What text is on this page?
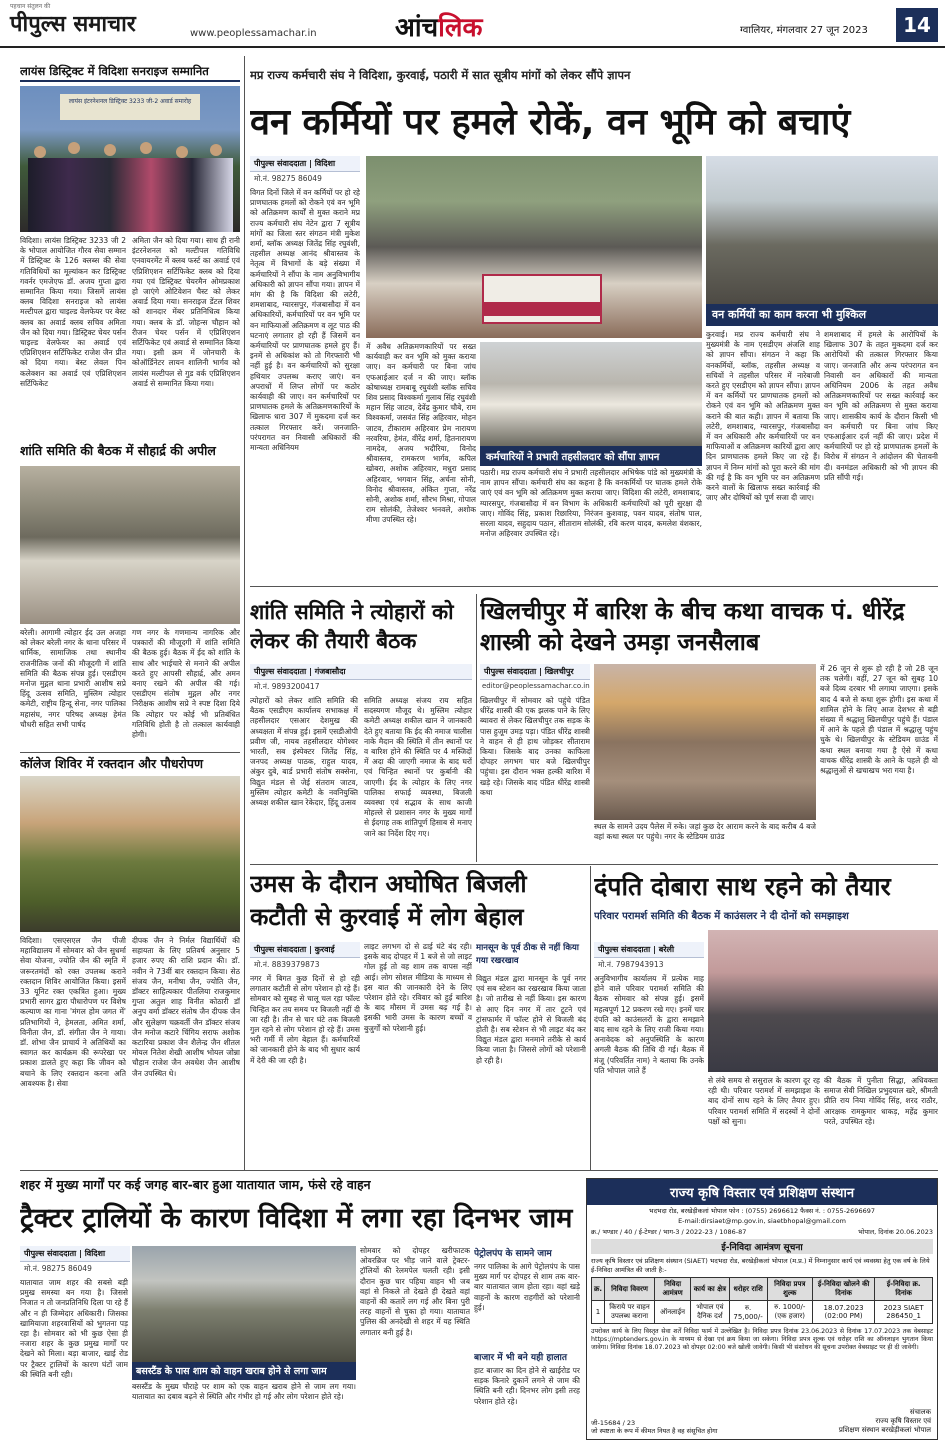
पहचान संतुलन की
पीपुल्स समाचार	www.peoplessamachar.in	आंचलिक	ग्वालियर, मंगलवार 27 जून 2023	14
लायंस डिस्ट्रिक्ट में विदिशा सनराइज सम्मानित
लायंस इंटरनेशनल डिस्ट्रिक्ट 3233 जी-2 अवार्ड समारोह
विदिशा। लायंस डिस्ट्रिक्ट 3233 जी 2 के भोपाल आयोजित गौरव सेवा सम्मान में डिस्ट्रिक्ट के 126 क्लब्स की सेवा गतिविधियों का मूल्यांकन कर डिस्ट्रिक्ट गवर्नर एमजेएफ डॉ. अजय गुप्ता द्वारा सम्मानित किया गया। जिसमें लायंस क्लब विदिशा सनराइज को लायंस मल्टीपल द्वारा चाइल्ड वेलफेयर पर बेस्ट क्लब का अवार्ड क्लब सचिव अमिता जैन को दिया गया। डिस्ट्रिक्ट चेयर पर्सन चाइल्ड वेलफेयर का अवार्ड एवं एप्रिशिएशन सर्टिफिकेट राजेश जैन प्रीत को दिया गया। बेस्ट लेवल पिन कलेक्शन का अवार्ड एवं एप्रिशिएशन सर्टिफिकेट
अमिता जैन को दिया गया। साथ ही रानी इंटरनेशनल को मल्टीपल गतिविधि एनवायरमेंट में क्लब फर्स्ट का अवार्ड एवं एप्रिशिएशन सर्टिफिकेट क्लब को दिया गया एवं डिस्ट्रिक्ट चेयरमैन ओमप्रकाश हो जाएंगे ओटिवेशन चैस्ट को लेकर अवार्ड दिया गया। सनराइज डेंटल शिवर को शानदार मेंबर प्रतिनिधित्व किया गया। क्लब के डॉ. जोहन्स चौहान को रीजन चेयर पर्सन में एप्रिशिएशन सर्टिफिकेट एवं अवार्ड से सम्मानित किया गया। इसी क्रम में जोनचारी के कोऑर्डिनेटर लायन शालिनी भार्गव को लायंस मल्टीपल से गुड वर्क एप्रिशिएशन अवार्ड से सम्मानित किया गया।
शांति समिति की बैठक में सौहार्द्र की अपील
बरेली। आगामी त्योहार ईद उल अजहा को लेकर बरेली नगर के थाना परिसर में धार्मिक, सामाजिक तथा स्थानीय राजनीतिक जनों की मौजूदगी में शांति समिति की बैठक संपन्न हुई। एसडीएम मनोज मुद्गल थाना प्रभारी आशीष सप्रे हिंदू उत्सव समिति, मुस्लिम त्योहार कमेटी, राष्ट्रीय हिन्दू सेना, नगर पालिका महासंघ, नगर परिषद अध्यक्ष हेमंत चौधरी सहित सभी पार्षद
गण नगर के गणमान्य नागरिक और पत्रकारों की मौजूदगी में शांति समिति की बैठक हुई। बैठक में ईद को शांति के साथ और भाईचारे से मनाने की अपील करते हुए आपसी सौहार्द्र, और अमन बनाए रखने की अपील की गई। एसडीएम संतोष मुद्गल और नगर निरीक्षक आशीष सप्रे ने स्पष्ट दिशा दिये कि त्योहार पर कोई भी प्रतिबंधित गतिविधि होती है तो तत्काल कार्यवाही होगी।
कॉलेज शिविर में रक्तदान और पौधरोपण
विदिशा। एसएसएल जैन पीजी महाविद्यालय में सोमवार को जैन सुधर्मा सेवा योजना, ज्योति जैन की स्मृति में जरूरतमंदों को रक्त उपलब्ध कराने रक्तदान शिविर आयोजित किया। इसमें 33 यूनिट रक्त एकत्रित हुआ। मुख्य प्रभारी सागर द्वारा पौधारोपण पर विशेष कल्याण का गाना 'मंगल होम जगत में' प्रतिभागियों ने, हेमलता, अमित शर्मा, विनीता जैन, डॉ. संगीता जैन ने गाया। डॉ. शोभा जैन प्राचार्य ने अतिथियों का स्वागत कर कार्यक्रम की रूपरेखा पर प्रकाश डालते हुए कहा कि जीवन को बचाने के लिए रक्तदान करना अति आवश्यक है। सेवा
दीपक जैन ने निर्मल विद्यार्थियों की सहायता के लिए प्रतिवर्ष अनुसार 5 हजार रुपए की राशि प्रदान की। डॉ. नवीन ने 73वीं बार रक्तदान किया। सेठ संजय जैन, मनीषा जैन, ज्योति जैन, डॉक्टर साहित्यकार पीतलिया राजकुमार गुप्ता अतुल शाह विनीत कोठारी डॉ अनुप वर्मा डॉक्टर संतोष जैन दीपक जैन और सुलेक्षण चक्रवर्ती जैन डॉक्टर संजय जैन मनोज कटारे चिंगिय सराफ अशोक कटारिया प्रकाश जैन शैलेन्द्र जैन शीतल मोयल नितेश शेखी आशीष भोयल जोन्ना चौहान राजेश जैन अवधेश जैन आशीष जैन उपस्थित थे।
मप्र राज्य कर्मचारी संघ ने विदिशा, कुरवाई, पठारी में सात सूत्रीय मांगों को लेकर सौंपे ज्ञापन
वन कर्मियों पर हमले रोकें, वन भूमि को बचाएं
पीपुल्स संवाददाता | विदिशा
मो.नं. 98275 86049
विगत दिनों जिले में वन कर्मियों पर हो रहे प्राणघातक हमलों को रोकने एवं वन भूमि को अतिक्रमण कार्यों से मुक्त कराने मप्र राज्य कर्मचारी संघ नेटेन द्वारा 7 सूत्रीय मांगों का जिला स्तर संगठन मंत्री मुकेश शर्मा, ब्लॉक अध्यक्ष जितेंद्र सिंह रघुवंशी, तहसील अध्यक्ष आनंद श्रीवास्तव के नेतृत्व में विभागों के बड़े संख्या में कर्मचारियों ने सौंपा के नाम अनुविभागीय अधिकारी को ज्ञापन सौंपा गया। ज्ञापन में मांग की है कि विदिशा की लटेरी, शमशाबाद, ग्यारसपुर, गंजबासौदा में वन अधिकारियों, कर्मचारियों पर वन भूमि पर वन माफियाओं अतिक्रमण व लूट पाठ की घटनाएं लगातार हो रही हैं जिसमें वन कर्मचारियों पर प्राणघातक हमले हुए हैं। इनमें से अधिकांश को तो गिरफ्तारी भी नहीं हुई है। वन कर्मचारियों को सुरक्षा हथियार उपलब्ध कराए जाएं। वन अपराधों में लिप्त लोगों पर कठोर कार्यवाही की जाए। वन कर्मचारियों पर प्राणघातक हमले के अतिक्रमणकारियों के खिलाफ धारा 307 में मुकदमा दर्ज कर तत्काल गिरफ्तार करें। जनजाति-परंपरागत वन निवासी अधिकारों की मान्यता अधिनियम
वन कर्मियों का काम करना भी मुश्किल
में अवैध अतिक्रमणकारियों पर सख्त कार्यवाही कर वन भूमि को मुक्त कराया जाए। वन कर्मचारी पर बिना जांच एफआईआर दर्ज न की जाए। ब्लॉक कोषाध्यक्ष रामबाबू रघुवंशी ब्लॉक सचिव शिव प्रसाद विश्वकर्मा गुलाब सिंह रघुवंशी महान सिंह जाटव, देवेंद्र कुमार चौबे, राम विश्वकर्मा, जसवंत सिंह अहिरवार, मोहन जाटव, टीकाराम अहिरवार प्रेम नारायण नरवरिया, हेमंत, वीरेंद्र शर्मा, हितनारायण नामदेव, अजय भदौरिया, विनोद श्रीवास्तव, रामकरण भार्गव, कपिल खोबरा, अशोक अहिरवार, मधुरा प्रसाद अहिरवार, भगवान सिंह, अर्चना सोनी, विनोद श्रीवास्तव, अंकित गुप्ता, नरेंद्र सोनी, अशोक शर्मा, सौरभ मिश्रा, गोपाल राम सोलंकी, तेजेश्वर भनवले, अशोक मीणा उपस्थित रहे।
कर्मचारियों ने प्रभारी तहसीलदार को सौंपा ज्ञापन
पठारी। मप्र राज्य कर्मचारी संघ ने प्रभारी तहसीलदार अभिषेक पांडे को मुख्यमंत्री के नाम ज्ञापन सौंपा। कर्मचारी संघ का कहना है कि वनकर्मियों पर घातक हमले रोके जाएं एवं वन भूमि को अतिक्रमण मुक्त कराया जाए। विदिशा की लटेरी, शमशाबाद, ग्यारसपुर, गंजबासौदा में वन विभाग के अधिकारी कर्मचारियों को पूरी सुरक्षा दी जाए। गोविंद सिंह, प्रकाश रिछारिया, निरंजन कुशवाह, पवन यादव, संतोष पाल, सरला यादव, सहुदाय पठान, सीताराम सोलंकी, रवि करण यादव, कमलेश वंशकार, मनोज अहिरवार उपस्थित रहे।
कुरवाई। मप्र राज्य कर्मचारी संघ ने मुख्यमंत्री के नाम एसडीएम अंजलि शाह को ज्ञापन सौंपा। संगठन ने कहा कि वनकर्मियों, ब्लॉक, तहसील अध्यक्ष व सचिवों ने तहसील परिसर में नारेबाजी करते हुए एसडीएम को ज्ञापन सौंपा। ज्ञापन में वन कर्मियों पर प्राणघातक हमलों को रोकने एवं वन भूमि को अतिक्रमण मुक्त कराने की बात कही। ज्ञापन में बताया कि लटेरी, शमशाबाद, ग्यारसपुर, गंजबासौदा में वन अधिकारी और कर्मचारियों पर वन माफियाओं व अतिक्रमण कारियों द्वारा आए दिन प्राणघातक हमले किए जा रहे हैं। ज्ञापन में निम्न मांगों को पूरा करने की मांग की गई है कि वन भूमि पर वन अतिक्रमण करने वालों के खिलाफ सख्त कार्रवाई की जाए और दोषियों को पूर्ण सजा दी जाए।
शमशाबाद में हमले के आरोपियों के खिलाफ 307 के तहत मुकदमा दर्ज कर आरोपियों की तत्काल गिरफ्तार किया जाए। जनजाति और अन्य परंपरागत वन निवासी वन अधिकारों की मान्यता अधिनियम 2006 के तहत अवैध अतिक्रमणकारियों पर सख्त कार्रवाई कर वन भूमि को अतिक्रमण से मुक्त कराया जाए। शासकीय कार्य के दौरान किसी भी वन कर्मचारी पर बिना जांच किए एफआईआर दर्ज नहीं की जाए। प्रदेश में कर्मचारियों पर हो रहे प्राणघातक हमलों के विरोध में संगठन ने आंदोलन की चेतावनी दी। वनमंडल अधिकारी को भी ज्ञापन की प्रति सौंपी गई।
शांति समिति ने त्योहारों को लेकर की तैयारी बैठक
पीपुल्स संवाददाता | गंजबासौदा
मो.नं. 9893200417
त्योहारों को लेकर शांति समिति की बैठक एसडीएम कार्यालय सभाकक्ष में तहसीलदार एसआर देशमुख की अध्यक्षता में संपन्न हुई। इसमें एसडीओपी प्रवीण जी, नायब तहसीलदार योगेश्वर भारती, सब इंस्पेक्टर जितेंद्र सिंह, जनपद अध्यक्ष पाठक, राहुल यादव, अंकुर दुबे, बार्ड प्रभारी संतोष सक्सेना, विद्युत मंडल से जेई संतराम जाटव, मुस्लिम त्योहार कमेटी के नवनियुक्ति अध्यक्ष शकील खान रेकेदार, हिंदू उत्सव
समिति अध्यक्ष संजय राय सहित सदस्यगण मौजूद थे। मुस्लिम त्योहार कमेटी अध्यक्ष शकील खान ने जानकारी देते हुए बताया कि ईद की नमाज चालीस नाके मैदान की स्थिति में तीन स्थानों पर व बारिश होने की स्थिति पर 4 मस्जिदों में अदा की जाएगी नमाज के बाद घरों एवं चिन्हित स्थानों पर कुर्बानी की जाएगी। ईद के त्योहार के लिए नगर पालिका सफाई व्यवस्था, बिजली व्यवस्था एवं सद्भाव के साथ काजी मोहल्ले से प्रशासन नगर के मुख्य मार्गों से ईदगाह तक शांतिपूर्ण हिसाब से मनाए जाने का निर्देश दिए गए।
खिलचीपुर में बारिश के बीच कथा वाचक पं. धीरेंद्र शास्त्री को देखने उमड़ा जनसैलाब
पीपुल्स संवाददाता | खिलचीपुर
editor@peoplessamachar.co.in
खिलचीपुर में सोमवार को पहुंचे पंडित धीरेंद्र शास्त्री की एक झलक पाने के लिए ब्यावरा से लेकर खिलचीपुर तक सड़क के पास हुजूम उमड़ पड़ा। पंडित धीरेंद्र शास्त्री ने वाहन से ही हाथ जोड़कर सीताराम किया। जिसके बाद उनका काफिला दोपहर लगभग चार बजे खिलचीपुर पहुंचा। इस दौरान भक्त हल्की बारिश में खड़े रहे। जिसके बाद पंडित धीरेंद्र शास्त्री कथा
स्थल के सामने उदय पैलेस में रुके। जहां कुछ देर आराम करने के बाद करीब 4 बजे वहां कथा स्थल पर पहुंचे। नगर के स्टेडियम ग्राउंड
में 26 जून से शुरू हो रही है जो 28 जून तक चलेगी। वहीं, 27 जून को सुबह 10 बजे दिव्य दरबार भी लगाया जाएगा। इसके बाद 4 बजे से कथा शुरू होगी। इस कथा में शामिल होने के लिए आज देशभर से बड़ी संख्या में श्रद्धालु खिलचीपुर पहुंचे हैं। पंडाल में आने के पहले ही पंडाल में श्रद्धालु पहुंच चुके थे। खिलचीपुर के स्टेडियम ग्राउंड में कथा स्थल बनाया गया है ऐसे में कथा वाचक धीरेंद्र शास्त्री के आने के पहले ही वो श्रद्धालुओं से खचाखच भरा गया है।
उमस के दौरान अघोषित बिजली कटौती से कुरवाई में लोग बेहाल
पीपुल्स संवाददाता | कुरवाई
मो.नं. 8839379873
नगर में बिगत कुछ दिनों से हो रही लगातार कटौती से लोग परेशान हो रहे हैं। सोमवार को सुबह से चालू चल रहा फॉल्ट चिन्हित कर तय समय पर बिजली नहीं दी जा रही है। तीन से चार घंटे तक बिजली गुल रहने से लोग परेशान हो रहे हैं। उमस भरी गर्मी में लोग बेहाल हैं। कर्मचारियों को जानकारी होने के बाद भी सुधार कार्य में देरी की जा रही है।
लाइट लगभग दो से ढाई घंटे बंद रही। इसके बाद दोपहर में 1 बजे से जो लाइट गोल हुई तो वह शाम तक वापस नहीं आई। लोग सोशल मीडिया के माध्यम से इस बात की जानकारी देने के लिए परेशान होते रहे। रविवार को हुई बारिश के बाद मौसम में उमस बढ़ गई है। इसकी भारी उमस के कारण बच्चों व बुजुर्गों को परेशानी हुई।
मानसून के पूर्व ठीक से नहीं किया गया रखरखाव
विद्युत मंडल द्वारा मानसून के पूर्व नगर एवं सब स्टेशन का रखरखाव किया जाता है। जो तारीख से नहीं किया। इस कारण से आए दिन नगर में तार टूटने एवं ट्रांसफार्मर में फॉल्ट होने से बिजली बंद होती है। सब स्टेशन से भी लाइट बंद कर विद्युत मंडल द्वारा मनमाने तरीके से कार्य किया जाता है। जिससे लोगों को परेशानी हो रही है।
दंपति दोबारा साथ रहने को तैयार
परिवार परामर्श समिति की बैठक में काउंसलर ने दी दोनों को समझाइश
पीपुल्स संवाददाता | बरेली
मो.नं. 7987943913
अनुविभागीय कार्यालय में प्रत्येक माह होने वाले परिवार परामर्श समिति की बैठक सोमवार को संपन्न हुई। इसमें महत्वपूर्ण 12 प्रकरण रखे गए। इनमें चार दंपति को काउंसलरों के द्वारा समझाने बाद साथ रहने के लिए राजी किया गया। अनावेदक को अनुपस्थिति के कारण अगली बैठक की तिथि दी गई। बैठक में मंजू (परिवर्तित नाम) ने बताया कि उनके पति भोपाल जाते हैं
से लंबे समय से ससुराल के कारण दूर रह रही थी। परिवार परामर्श में समझाइश के बाद दोनों साथ रहने के लिए तैयार हुए। परिवार परामर्श समिति में सदस्यों ने दोनों पक्षों को सुना।
की बैठक में पुनीता सिद्धा, अधिवक्ता समाज सेवी निखिल प्रभुदयाल खरे, श्रीमती प्रीति राय निया गोविंद सिंह, शरद राठौर, आरक्षक रामकुमार धाकड़, महेंद्र कुमार परते, उपस्थित रहे।
शहर में मुख्य मार्गों पर कई जगह बार-बार हुआ यातायात जाम, फंसे रहे वाहन
ट्रैक्टर ट्रालियों के कारण विदिशा में लगा रहा दिनभर जाम
पीपुल्स संवाददाता | विदिशा
मो.नं. 98275 86049
यातायात जाम शहर की सबसे बड़ी प्रमुख समस्या बन गया है। जिससे निजात न तो जनप्रतिनिधि दिला पा रहे हैं और न ही जिम्मेदार अधिकारी। जिसका खामियाजा शहरवासियों को भुगतना पड़ रहा है। सोमवार को भी कुछ ऐसा ही नजारा शहर के कुछ प्रमुख मार्गों पर देखने को मिला। बड़ा बाजार, खाई रोड पर ट्रैक्टर ट्रालियों के कारण घंटों जाम की स्थिति बनी रही।	बसस्टैंड के पास शाम को वाहन खराब होने से लगा जाम
बसस्टैंड के मुख्य चौराहे पर शाम को एक वाहन खराब होने से जाम लग गया। यातायात का दबाव बढ़ने से स्थिति और गंभीर हो गई और लोग परेशान होते रहे।
सोमवार को दोपहर खरीफाटक ओवरब्रिज पर भीड़ जाने वाले ट्रेक्टर-ट्रॉलियों की रेलमपेल चलती रही। इसी दौरान कुछ चार पहिया वाहन भी जब वहां से निकले तो देखते ही देखते वहां वाहनों की कतारें लग गई और बिना पुरी तरह वाहनों से चुका हो गया। यातायात पुलिस की अनदेखी से शहर में यह स्थिति लगातार बनी हुई है।
पेट्रोलपंप के सामने जाम
नगर पालिका के आगे पेट्रोलपंप के पास मुख्य मार्ग पर दोपहर से शाम तक बार-बार यातायात जाम होता रहा। वहां खड़े वाहनों के कारण राहगीरों को परेशानी हुई।
बाजार में भी बने यही हालात
हाट बाजार का दिन होने से खाईरोड पर सड़क किनारे दुकानें लगने से जाम की स्थिति बनी रही। दिनभर लोग इसी तरह परेशान होते रहे।
राज्य कृषि विस्तार एवं प्रशिक्षण संस्थान
भदभदा रोड, बरखेड़ीकलां भोपाल फोन : (0755) 2696612 फैक्स नं. : 0755-2696697
E-mail:dirsiaet@mp.gov.in, siaetbhopal@gmail.com
क्र./ भण्डार / 40 / ई-टेण्डर / भाग-3 / 2022-23 / 1086-87	भोपाल, दिनांक 20.06.2023
ई-निविदा आमंत्रण सूचना
राज्य कृषि विस्तार एवं प्रशिक्षण संस्थान (SIAET) भदभदा रोड, बरखेड़ीकलां भोपाल (म.प्र.) में निम्नानुसार कार्य एवं व्यवस्था हेतु एक वर्ष के लिये ई-निविदा आमंत्रित की जाती है:-
क्र.	निविदा विवरण	निविदा आमंत्रण	कार्य का क्षेत्र	धरोहर राशि	निविदा प्रपत्र शुल्क	ई-निविदा खोलने की दिनांक	ई-निविदा क्र. दिनांक
1	किराये पर वाहन उपलब्ध कराना	ऑनलाईन	भोपाल एवं दैनिक दर्श	रु. 75,000/-	रु. 1000/- (एक हजार)	18.07.2023 (02:00 PM)	2023 SIAET 286450_1
उपरोक्त कार्य के लिए विस्तृत सेवा शर्तें निविदा फार्म में उल्लेखित है। निविदा प्रपत्र दिनांक 23.06.2023 से दिनांक 17.07.2023 तक वेबसाइट https://mptenders.gov.in के माध्यम से देखा एवं क्रय किया जा सकेगा। निविदा प्रपत्र शुल्क एवं धरोहर राशि का ऑनलाइन भुगतान किया जावेगा। निविदा दिनांक 18.07.2023 को दोपहर 02:00 बजे खोली जावेगी। किसी भी संशोधन की सूचना उपरोक्त वेबसाइट पर ही दी जावेगी।
संचालक
राज्य कृषि विस्तार एवं
प्रशिक्षण संस्थान बरखेड़ीकलां भोपाल
जी-15684 / 23
जो स्पष्टता के रूप में कीमत नियत है वह संसूचित होगा
